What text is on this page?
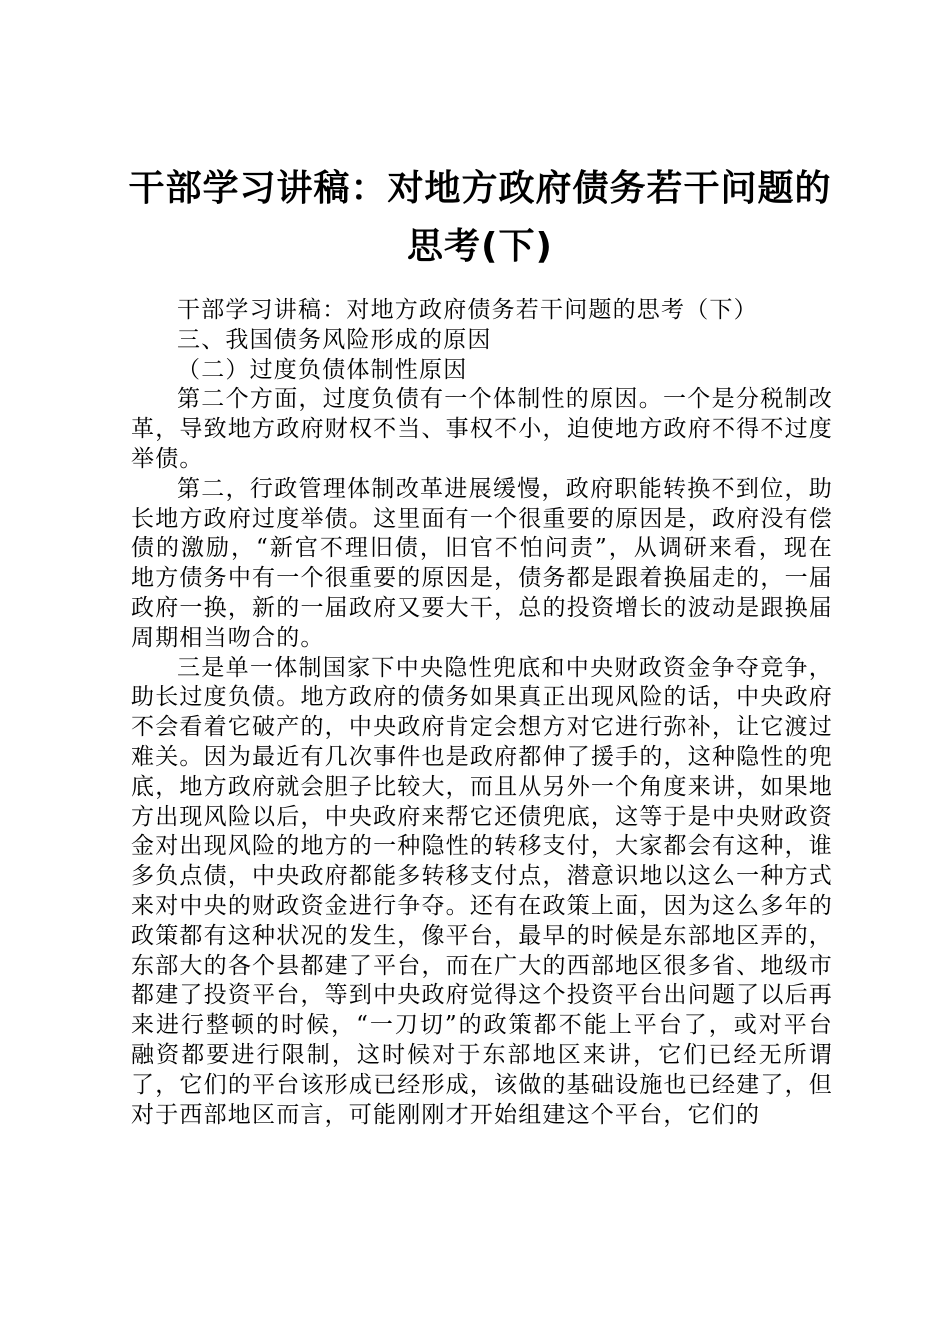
干部学习讲稿：对地方政府债务若干问题的思考(下)

干部学习讲稿：对地方政府债务若干问题的思考（下）

三、我国债务风险形成的原因

（二）过度负债体制性原因

第二个方面，过度负债有一个体制性的原因。一个是分税制改革，导致地方政府财权不当、事权不小，迫使地方政府不得不过度举债。

第二，行政管理体制改革进展缓慢，政府职能转换不到位，助长地方政府过度举债。这里面有一个很重要的原因是，政府没有偿债的激励，“新官不理旧债，旧官不怕问责”，从调研来看，现在地方债务中有一个很重要的原因是，债务都是跟着换届走的，一届政府一换，新的一届政府又要大干，总的投资增长的波动是跟换届周期相当吻合的。

三是单一体制国家下中央隐性兜底和中央财政资金争夺竞争，助长过度负债。地方政府的债务如果真正出现风险的话，中央政府不会看着它破产的，中央政府肯定会想方对它进行弥补，让它渡过难关。因为最近有几次事件也是政府都伸了援手的，这种隐性的兜底，地方政府就会胆子比较大，而且从另外一个角度来讲，如果地方出现风险以后，中央政府来帮它还债兜底，这等于是中央财政资金对出现风险的地方的一种隐性的转移支付，大家都会有这种，谁多负点债，中央政府都能多转移支付点，潜意识地以这么一种方式来对中央的财政资金进行争夺。还有在政策上面，因为这么多年的政策都有这种状况的发生，像平台，最早的时候是东部地区弄的，东部大的各个县都建了平台，而在广大的西部地区很多省、地级市都建了投资平台，等到中央政府觉得这个投资平台出问题了以后再来进行整顿的时候，“一刀切”的政策都不能上平台了，或对平台融资都要进行限制，这时候对于东部地区来讲，它们已经无所谓了，它们的平台该形成已经形成，该做的基础设施也已经建了，但对于西部地区而言，可能刚刚才开始组建这个平台，它们的
